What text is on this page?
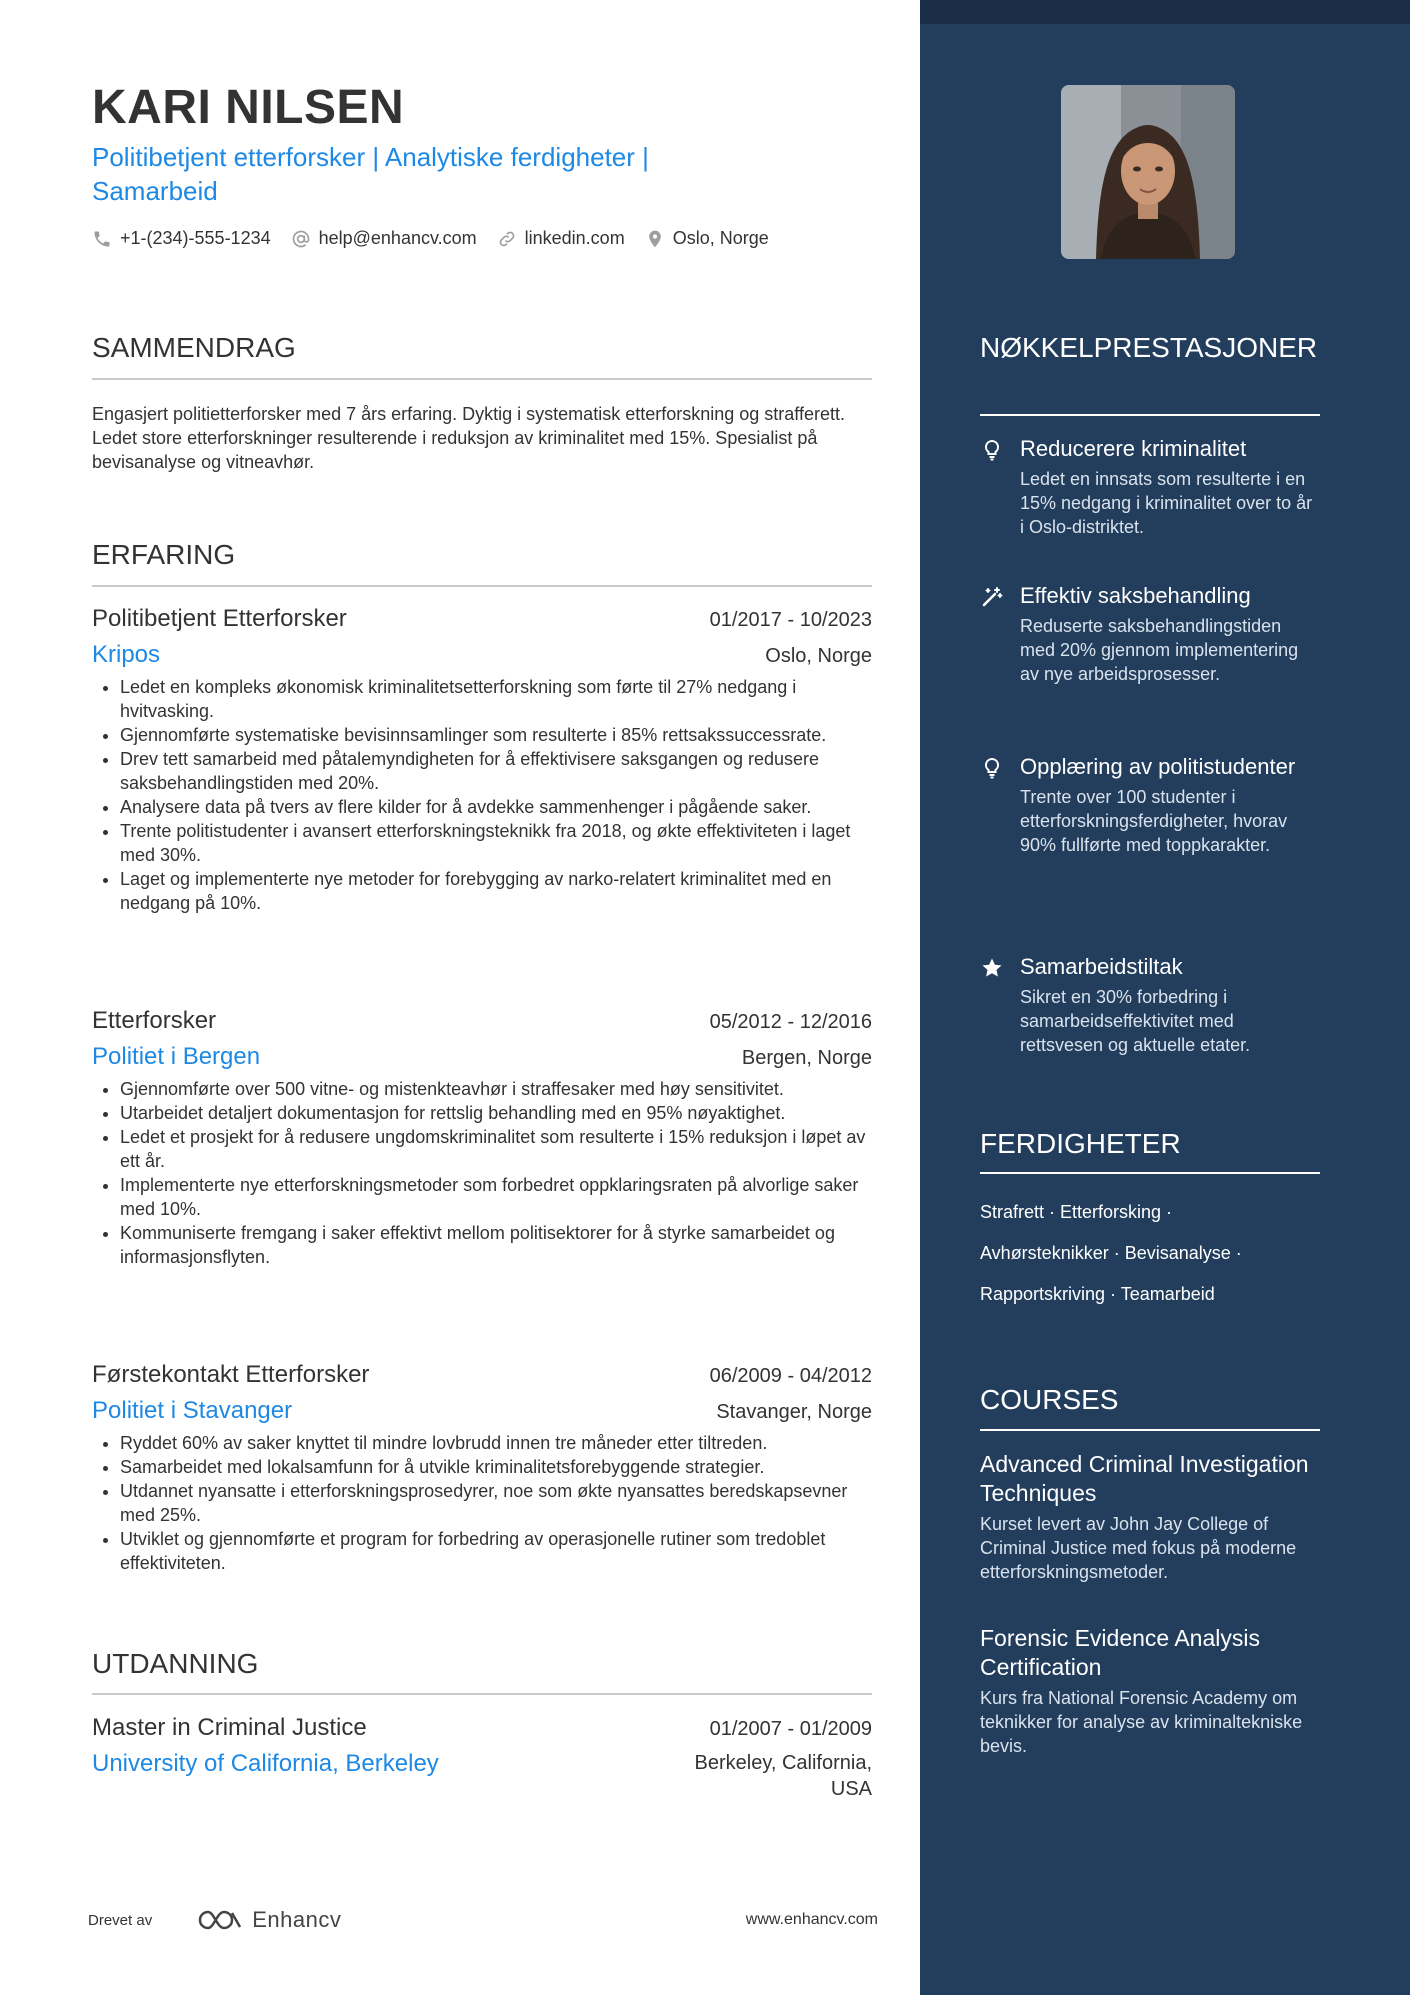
KARI NILSEN
Politibetjent etterforsker | Analytiske ferdigheter | Samarbeid
+1-(234)-555-1234	help@enhancv.com	linkedin.com	Oslo, Norge
SAMMENDRAG
Engasjert politietterforsker med 7 års erfaring. Dyktig i systematisk etterforskning og strafferett. Ledet store etterforskninger resulterende i reduksjon av kriminalitet med 15%. Spesialist på bevisanalyse og vitneavhør.
ERFARING
Politibetjent Etterforsker	01/2017 - 10/2023
Kripos	Oslo, Norge
• Ledet en kompleks økonomisk kriminalitetsetterforskning som førte til 27% nedgang i hvitvasking.
• Gjennomførte systematiske bevisinnsamlinger som resulterte i 85% rettsakssuccessrate.
• Drev tett samarbeid med påtalemyndigheten for å effektivisere saksgangen og redusere saksbehandlingstiden med 20%.
• Analysere data på tvers av flere kilder for å avdekke sammenhenger i pågående saker.
• Trente politistudenter i avansert etterforskningsteknikk fra 2018, og økte effektiviteten i laget med 30%.
• Laget og implementerte nye metoder for forebygging av narko-relatert kriminalitet med en nedgang på 10%.
Etterforsker	05/2012 - 12/2016
Politiet i Bergen	Bergen, Norge
• Gjennomførte over 500 vitne- og mistenkteavhør i straffesaker med høy sensitivitet.
• Utarbeidet detaljert dokumentasjon for rettslig behandling med en 95% nøyaktighet.
• Ledet et prosjekt for å redusere ungdomskriminalitet som resulterte i 15% reduksjon i løpet av ett år.
• Implementerte nye etterforskningsmetoder som forbedret oppklaringsraten på alvorlige saker med 10%.
• Kommuniserte fremgang i saker effektivt mellom politisektorer for å styrke samarbeidet og informasjonsflyten.
Førstekontakt Etterforsker	06/2009 - 04/2012
Politiet i Stavanger	Stavanger, Norge
• Ryddet 60% av saker knyttet til mindre lovbrudd innen tre måneder etter tiltreden.
• Samarbeidet med lokalsamfunn for å utvikle kriminalitetsforebyggende strategier.
• Utdannet nyansatte i etterforskningsprosedyrer, noe som økte nyansattes beredskapsevner med 25%.
• Utviklet og gjennomførte et program for forbedring av operasjonelle rutiner som tredoblet effektiviteten.
UTDANNING
Master in Criminal Justice	01/2007 - 01/2009
University of California, Berkeley	Berkeley, California,
USA
Drevet av	Enhancv	www.enhancv.com
NØKKELPRESTASJONER
Reducerere kriminalitet
Ledet en innsats som resulterte i en 15% nedgang i kriminalitet over to år i Oslo-distriktet.
Effektiv saksbehandling
Reduserte saksbehandlingstiden med 20% gjennom implementering av nye arbeidsprosesser.
Opplæring av politistudenter
Trente over 100 studenter i etterforskningsferdigheter, hvorav 90% fullførte med toppkarakter.
Samarbeidstiltak
Sikret en 30% forbedring i samarbeidseffektivitet med rettsvesen og aktuelle etater.
FERDIGHETER
Strafrett · Etterforsking ·
Avhørsteknikker · Bevisanalyse ·
Rapportskriving · Teamarbeid
COURSES
Advanced Criminal Investigation Techniques
Kurset levert av John Jay College of Criminal Justice med fokus på moderne etterforskningsmetoder.
Forensic Evidence Analysis Certification
Kurs fra National Forensic Academy om teknikker for analyse av kriminaltekniske bevis.
